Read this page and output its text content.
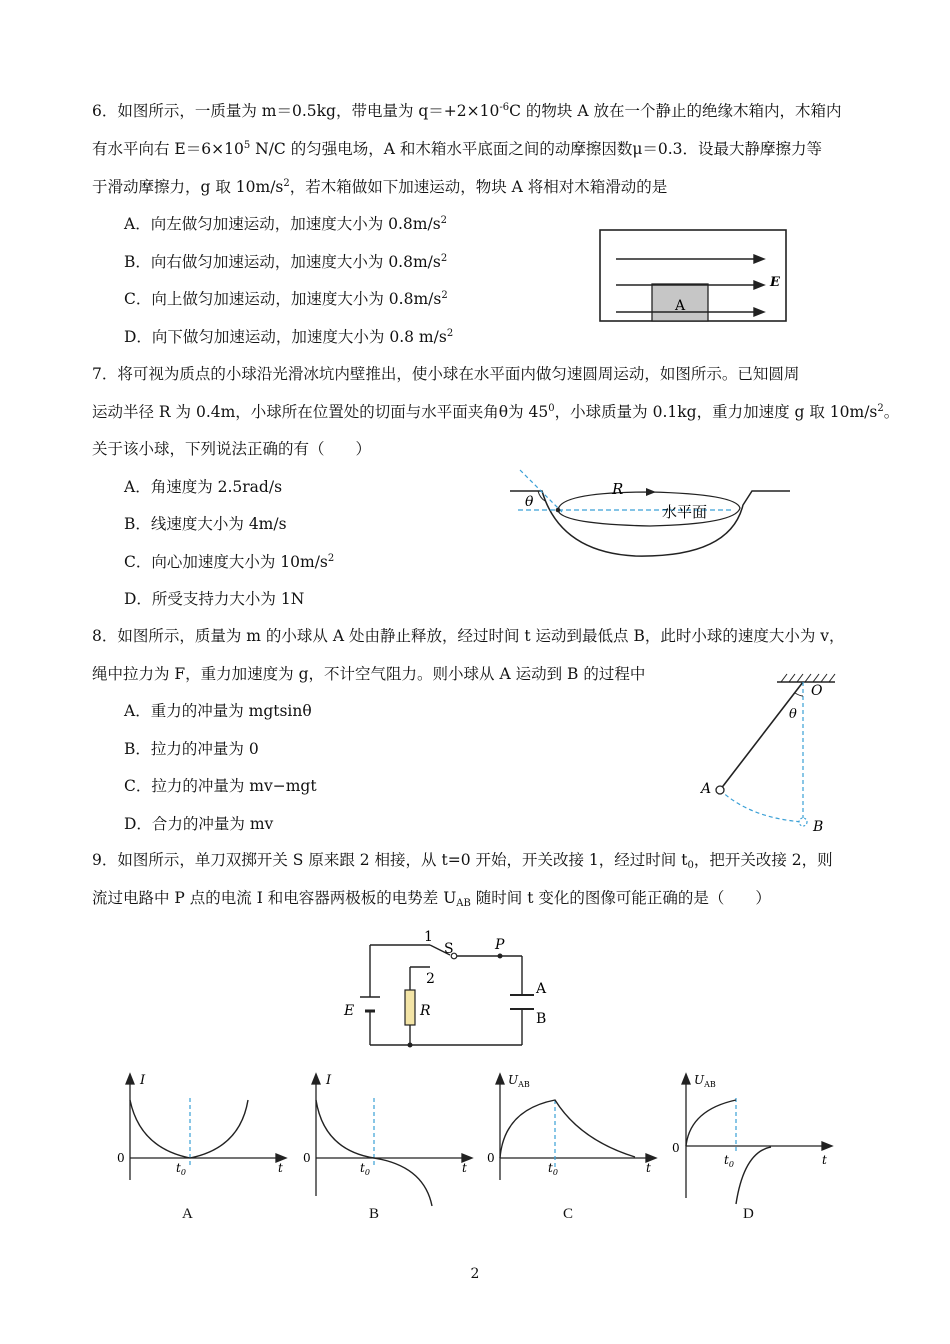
6．如图所示，一质量为 m＝0.5kg，带电量为 $q=+2\times 10^{-6}C$ 的物块 A 放在一个静止的绝缘木箱内，木箱内
有水平向右 $E=6\times 10^5$ N/C 的匀强电场，A 和木箱水平底面之间的动摩擦因数μ＝0.3．设最大静摩擦力等
于滑动摩擦力，g 取 $10m/s^2$，若木箱做如下加速运动，物块 A 将相对木箱滑动的是
A．向左做匀加速运动，加速度大小为 $0.8m/s^2$
B．向右做匀加速运动，加速度大小为 $0.8m/s^2$
C．向上做匀加速运动，加速度大小为 $0.8m/s^2$
D．向下做匀加速运动，加速度大小为 0.8 $m/s^2$
A
E
7．将可视为质点的小球沿光滑冰坑内壁推出，使小球在水平面内做匀速圆周运动，如图所示。已知圆周
运动半径 R 为 0.4m，小球所在位置处的切面与水平面夹角θ为 $45^0$，小球质量为 0.1kg，重力加速度 g 取 $10m/s^2$。
关于该小球，下列说法正确的有（　　）
A．角速度为 2.5rad/s
B．线速度大小为 4m/s
C．向心加速度大小为 $10m/s^2$
D．所受支持力大小为 1N
θ
R
水平面
8．如图所示，质量为 m 的小球从 A 处由静止释放，经过时间 t 运动到最低点 B，此时小球的速度大小为 v，
绳中拉力为 F，重力加速度为 g，不计空气阻力。则小球从 A 运动到 B 的过程中
A．重力的冲量为 mgtsinθ
B．拉力的冲量为 0
C．拉力的冲量为 mv−mgt
D．合力的冲量为 mv
O
θ
A
B
9．如图所示，单刀双掷开关 S 原来跟 2 相接，从 t=0 开始，开关改接 1，经过时间 $t_0$，把开关改接 2，则
流过电路中 P 点的电流 I 和电容器两极板的电势差 $U_{AB}$ 随时间 t 变化的图像可能正确的是（　　）
1
S	P
2
E	R
A
B
I
0
$t_0$	t
A
I
0
$t_0$	t
B
$U_{AB}$
0
$t_0$	t
C
$U_{AB}$
0
$t_0$	t
D
2
